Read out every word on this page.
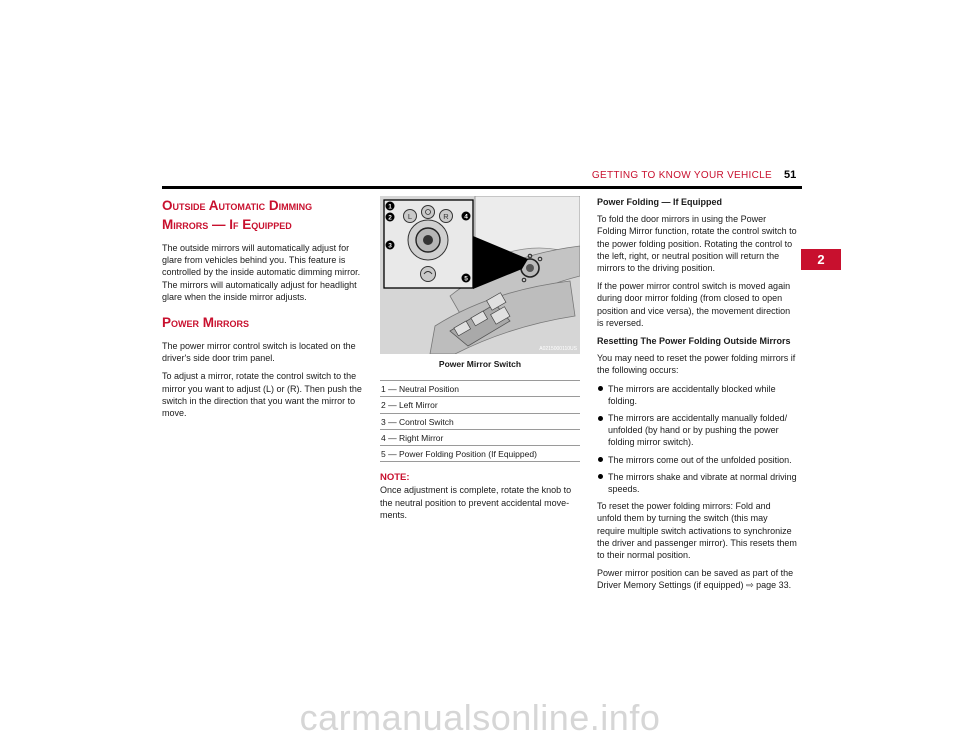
GETTING TO KNOW YOUR VEHICLE 51
2
Outside Automatic Dimming Mirrors — If Equipped

The outside mirrors will automatically adjust for glare from vehicles behind you. This feature is controlled by the inside automatic dimming mirror. The mirrors will automatically adjust for headlight glare when the inside mirror adjusts.

Power Mirrors

The power mirror control switch is located on the driver's side door trim panel.

To adjust a mirror, rotate the control switch to the mirror you want to adjust (L) or (R). Then push the switch in the direction that you want the mirror to move.

L	R
1
2
3
4
5
A0215000110US
Power Mirror Switch
1 — Neutral Position
2 — Left Mirror
3 — Control Switch
4 — Right Mirror
5 — Power Folding Position (If Equipped)
NOTE:

Once adjustment is complete, rotate the knob to the neutral position to prevent accidental move-ments.

Power Folding — If Equipped

To fold the door mirrors in using the Power Folding Mirror function, rotate the control switch to the power folding position. Rotating the control to the left, right, or neutral position will return the mirrors to the driving position.

If the power mirror control switch is moved again during door mirror folding (from closed to open position and vice versa), the movement direction is reversed.

Resetting The Power Folding Outside Mirrors

You may need to reset the power folding mirrors if the following occurs:

The mirrors are accidentally blocked while folding.
The mirrors are accidentally manually folded/ unfolded (by hand or by pushing the power folding mirror switch).
The mirrors come out of the unfolded position.
The mirrors shake and vibrate at normal driving speeds.

To reset the power folding mirrors: Fold and unfold them by turning the switch (this may require multiple switch activations to synchronize the driver and passenger mirror). This resets them to their normal position.

Power mirror position can be saved as part of the Driver Memory Settings (if equipped) ⇨ page 33.

carmanualsonline.info
